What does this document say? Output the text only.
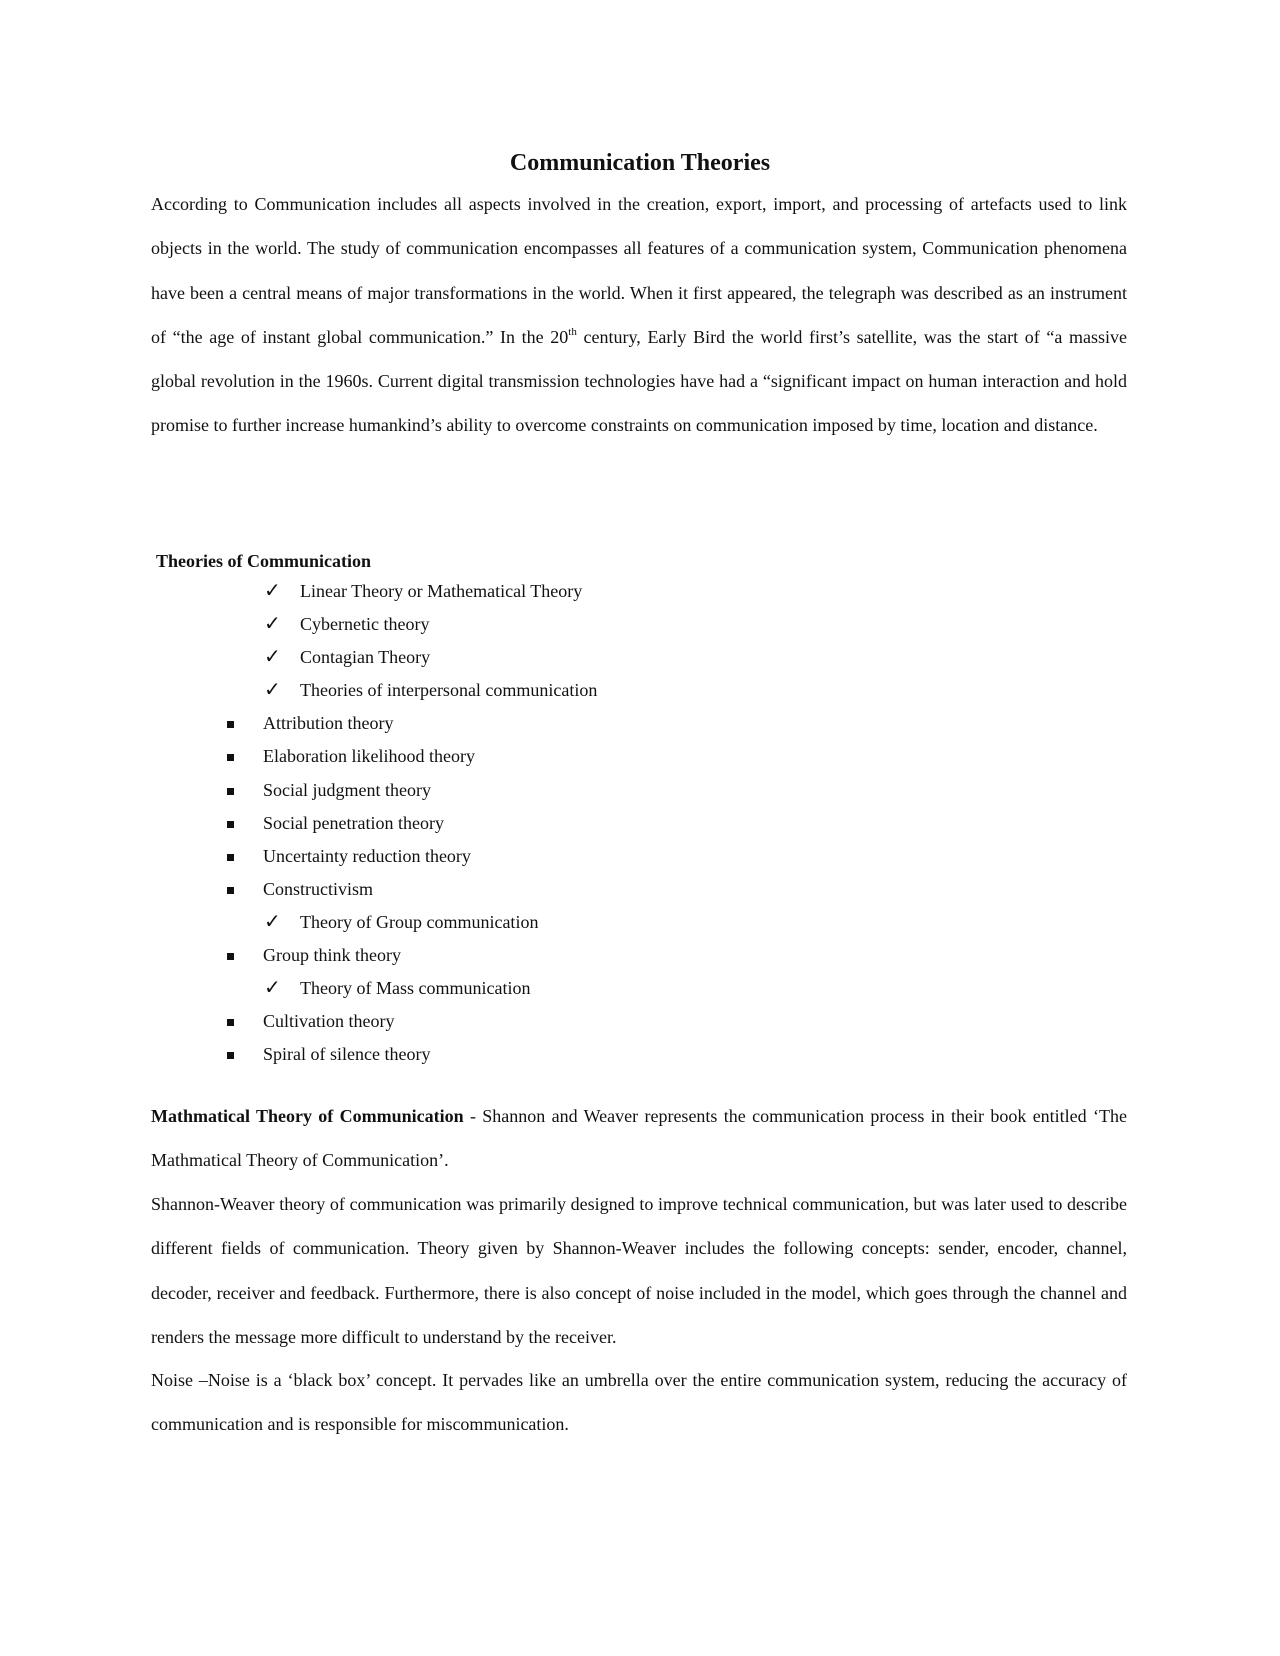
Communication Theories

According to Communication includes all aspects involved in the creation, export, import, and processing of artefacts used to link objects in the world. The study of communication encompasses all features of a communication system, Communication phenomena have been a central means of major transformations in the world. When it first appeared, the telegraph was described as an instrument of “the age of instant global communication.” In the 20th century, Early Bird the world first’s satellite, was the start of “a massive global revolution in the 1960s. Current digital transmission technologies have had a “significant impact on human interaction and hold promise to further increase humankind’s ability to overcome constraints on communication imposed by time, location and distance.

Theories of Communication
✓ Linear Theory or Mathematical Theory
✓ Cybernetic theory
✓ Contagian Theory
✓ Theories of interpersonal communication
Attribution theory
Elaboration likelihood theory
Social judgment theory
Social penetration theory
Uncertainty reduction theory
Constructivism
✓ Theory of Group communication
Group think theory
✓ Theory of Mass communication
Cultivation theory
Spiral of silence theory

Mathmatical Theory of Communication - Shannon and Weaver represents the communication process in their book entitled ‘The Mathmatical Theory of Communication’.

Shannon-Weaver theory of communication was primarily designed to improve technical communication, but was later used to describe different fields of communication. Theory given by Shannon-Weaver includes the following concepts: sender, encoder, channel, decoder, receiver and feedback. Furthermore, there is also concept of noise included in the model, which goes through the channel and renders the message more difficult to understand by the receiver.

Noise –Noise is a ‘black box’ concept. It pervades like an umbrella over the entire communication system, reducing the accuracy of communication and is responsible for miscommunication.
